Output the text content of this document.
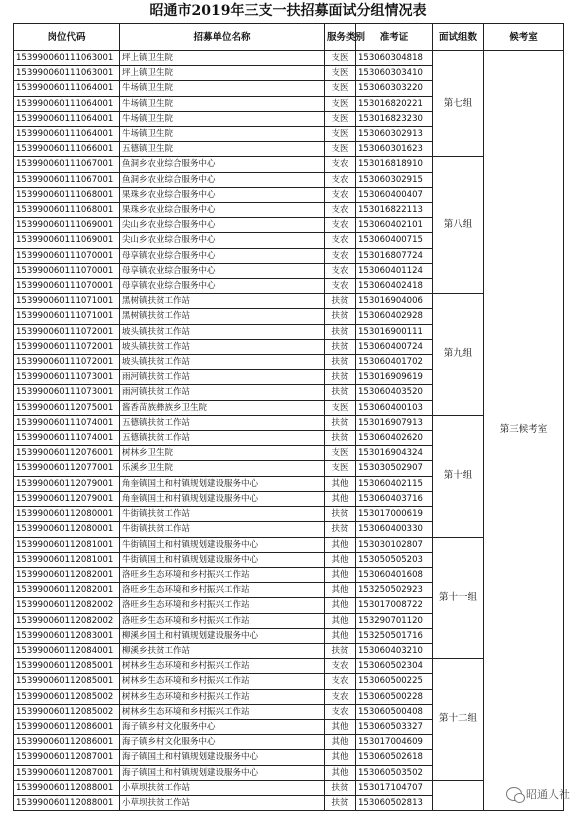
昭通市2019年三支一扶招募面试分组情况表
岗位代码	招募单位名称	服务类别	准考证	面试组数	候考室
153990060111063001	坪上镇卫生院	支医	153060304818	第七组	第三候考室
153990060111063001	坪上镇卫生院	支医	153060303410		
153990060111064001	牛场镇卫生院	支医	153060303220		
153990060111064001	牛场镇卫生院	支医	153016820221		
153990060111064001	牛场镇卫生院	支医	153016823230		
153990060111064001	牛场镇卫生院	支医	153060302913		
153990060111066001	五德镇卫生院	支医	153060301623		
153990060111067001	鱼洞乡农业综合服务中心	支农	153016818910	第八组	
153990060111067001	鱼洞乡农业综合服务中心	支农	153060302915		
153990060111068001	果珠乡农业综合服务中心	支农	153060400407		
153990060111068001	果珠乡农业综合服务中心	支农	153016822113		
153990060111069001	尖山乡农业综合服务中心	支农	153060402101		
153990060111069001	尖山乡农业综合服务中心	支农	153060400715		
153990060111070001	母享镇农业综合服务中心	支农	153016807724		
153990060111070001	母享镇农业综合服务中心	支农	153060401124		
153990060111070001	母享镇农业综合服务中心	支农	153060402418		
153990060111071001	黑树镇扶贫工作站	扶贫	153016904006	第九组	
153990060111071001	黑树镇扶贫工作站	扶贫	153060402928		
153990060111072001	坡头镇扶贫工作站	扶贫	153016900111		
153990060111072001	坡头镇扶贫工作站	扶贫	153060400724		
153990060111072001	坡头镇扶贫工作站	扶贫	153060401702		
153990060111073001	雨河镇扶贫工作站	扶贫	153016909619		
153990060111073001	雨河镇扶贫工作站	扶贫	153060403520		
153990060112075001	酱香苗族彝族乡卫生院	支医	153060400103		
153990060111074001	五德镇扶贫工作站	扶贫	153016907913	第十组	
153990060111074001	五德镇扶贫工作站	扶贫	153060402620		
153990060112076001	树林乡卫生院	支医	153016904324		
153990060112077001	乐溪乡卫生院	支医	153030502907		
153990060112079001	角奎镇国土和村镇规划建设服务中心	其他	153060402115		
153990060112079001	角奎镇国土和村镇规划建设服务中心	其他	153060403716		
153990060112080001	牛街镇扶贫工作站	扶贫	153017000619		
153990060112080001	牛街镇扶贫工作站	扶贫	153060400330		
153990060112081001	牛街镇国土和村镇规划建设服务中心	其他	153030102807	第十一组	
153990060112081001	牛街镇国土和村镇规划建设服务中心	其他	153050505203		
153990060112082001	洛旺乡生态环境和乡村振兴工作站	其他	153060401608		
153990060112082001	洛旺乡生态环境和乡村振兴工作站	其他	153250502923		
153990060112082002	洛旺乡生态环境和乡村振兴工作站	其他	153017008722		
153990060112082002	洛旺乡生态环境和乡村振兴工作站	其他	153290701120		
153990060112083001	柳溪乡国土和村镇规划建设服务中心	其他	153250501716		
153990060112084001	柳溪乡扶贫工作站	扶贫	153060403210		
153990060112085001	树林乡生态环境和乡村振兴工作站	支农	153060502304	第十二组	
153990060112085001	树林乡生态环境和乡村振兴工作站	支农	153060500225		
153990060112085002	树林乡生态环境和乡村振兴工作站	支农	153060500228		
153990060112085002	树林乡生态环境和乡村振兴工作站	支农	153060500408		
153990060112086001	海子镇乡村文化服务中心	其他	153060503327		
153990060112086001	海子镇乡村文化服务中心	其他	153017004609		
153990060112087001	海子镇国土和村镇规划建设服务中心	其他	153060502618		
153990060112087001	海子镇国土和村镇规划建设服务中心	其他	153060503502		
153990060112088001	小草坝扶贫工作站	扶贫	153017104707		
153990060112088001	小草坝扶贫工作站	扶贫	153060502813		
昭通人社
